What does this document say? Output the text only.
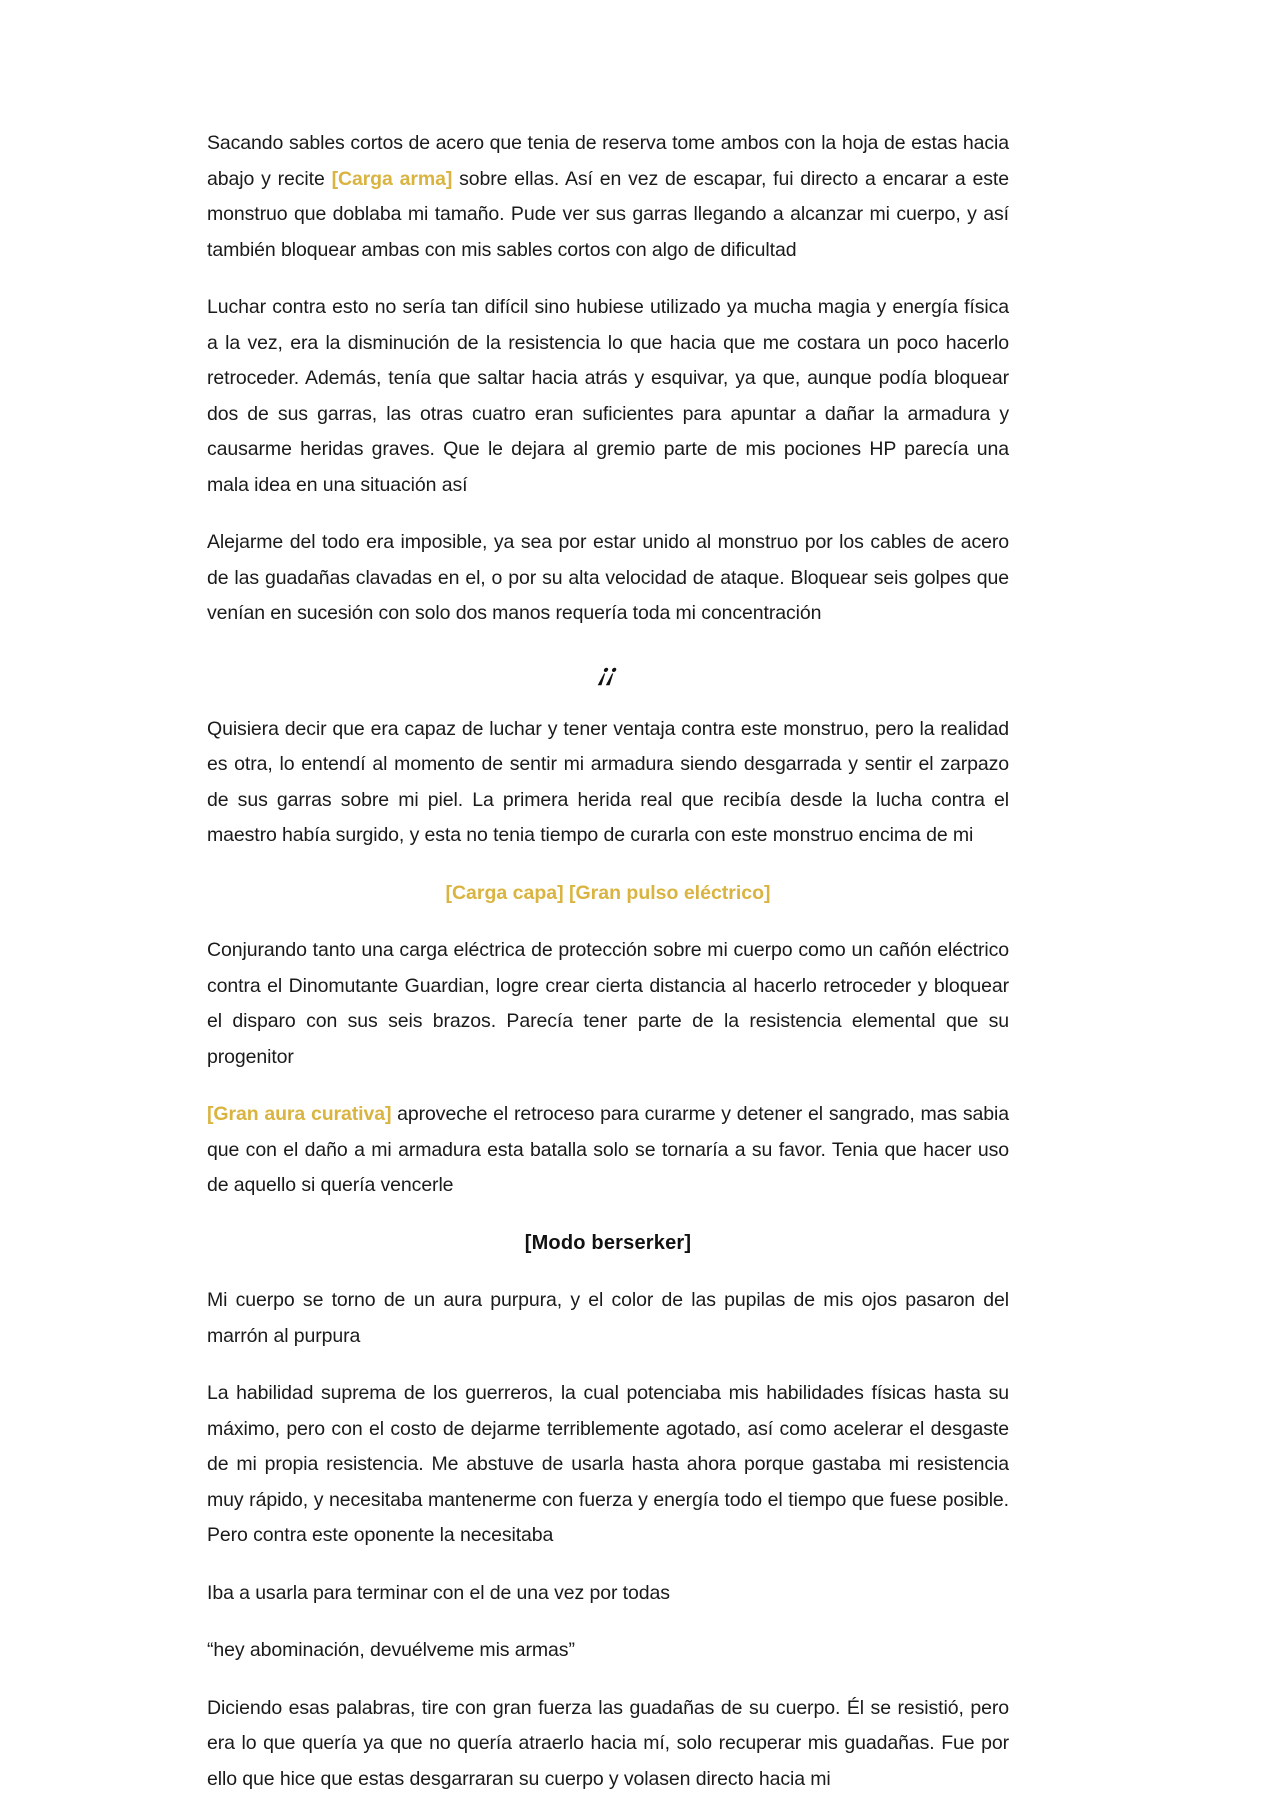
Sacando sables cortos de acero que tenia de reserva tome ambos con la hoja de estas hacia abajo y recite [Carga arma] sobre ellas. Así en vez de escapar, fui directo a encarar a este monstruo que doblaba mi tamaño. Pude ver sus garras llegando a alcanzar mi cuerpo, y así también bloquear ambas con mis sables cortos con algo de dificultad

Luchar contra esto no sería tan difícil sino hubiese utilizado ya mucha magia y energía física a la vez, era la disminución de la resistencia lo que hacia que me costara un poco hacerlo retroceder. Además, tenía que saltar hacia atrás y esquivar, ya que, aunque podía bloquear dos de sus garras, las otras cuatro eran suficientes para apuntar a dañar la armadura y causarme heridas graves. Que le dejara al gremio parte de mis pociones HP parecía una mala idea en una situación así

Alejarme del todo era imposible, ya sea por estar unido al monstruo por los cables de acero de las guadañas clavadas en el, o por su alta velocidad de ataque. Bloquear seis golpes que venían en sucesión con solo dos manos requería toda mi concentración

¡¡

Quisiera decir que era capaz de luchar y tener ventaja contra este monstruo, pero la realidad es otra, lo entendí al momento de sentir mi armadura siendo desgarrada y sentir el zarpazo de sus garras sobre mi piel. La primera herida real que recibía desde la lucha contra el maestro había surgido, y esta no tenia tiempo de curarla con este monstruo encima de mi

[Carga capa] [Gran pulso eléctrico]

Conjurando tanto una carga eléctrica de protección sobre mi cuerpo como un cañón eléctrico contra el Dinomutante Guardian, logre crear cierta distancia al hacerlo retroceder y bloquear el disparo con sus seis brazos. Parecía tener parte de la resistencia elemental que su progenitor

[Gran aura curativa] aproveche el retroceso para curarme y detener el sangrado, mas sabia que con el daño a mi armadura esta batalla solo se tornaría a su favor. Tenia que hacer uso de aquello si quería vencerle

[Modo berserker]

Mi cuerpo se torno de un aura purpura, y el color de las pupilas de mis ojos pasaron del marrón al purpura

La habilidad suprema de los guerreros, la cual potenciaba mis habilidades físicas hasta su máximo, pero con el costo de dejarme terriblemente agotado, así como acelerar el desgaste de mi propia resistencia. Me abstuve de usarla hasta ahora porque gastaba mi resistencia muy rápido, y necesitaba mantenerme con fuerza y energía todo el tiempo que fuese posible. Pero contra este oponente la necesitaba

Iba a usarla para terminar con el de una vez por todas

“hey abominación, devuélveme mis armas”

Diciendo esas palabras, tire con gran fuerza las guadañas de su cuerpo. Él se resistió, pero era lo que quería ya que no quería atraerlo hacia mí, solo recuperar mis guadañas. Fue por ello que hice que estas desgarraran su cuerpo y volasen directo hacia mi
